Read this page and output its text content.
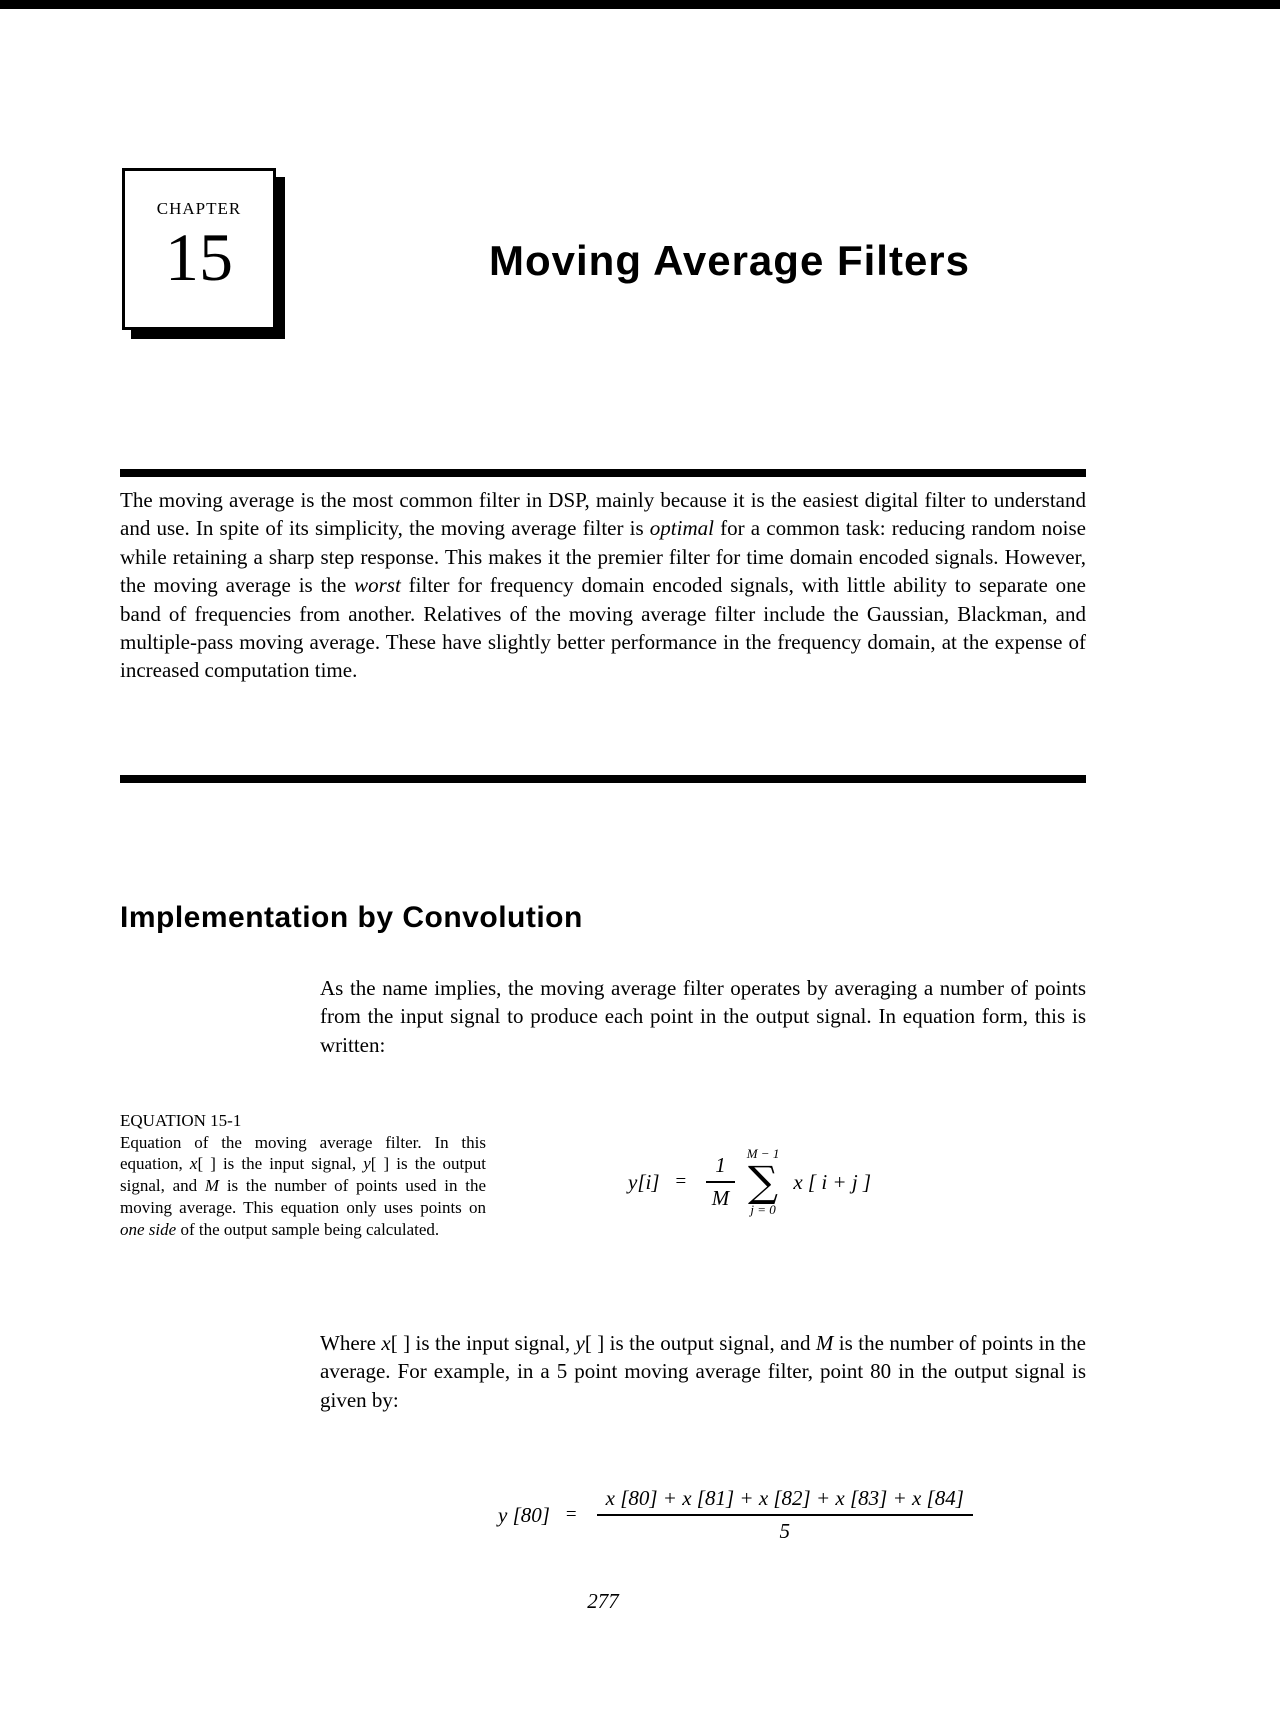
CHAPTER
15	Moving Average Filters

The moving average is the most common filter in DSP, mainly because it is the easiest digital filter to understand and use. In spite of its simplicity, the moving average filter is optimal for a common task: reducing random noise while retaining a sharp step response. This makes it the premier filter for time domain encoded signals. However, the moving average is the worst filter for frequency domain encoded signals, with little ability to separate one band of frequencies from another. Relatives of the moving average filter include the Gaussian, Blackman, and multiple-pass moving average. These have slightly better performance in the frequency domain, at the expense of increased computation time.

Implementation by Convolution

As the name implies, the moving average filter operates by averaging a number of points from the input signal to produce each point in the output signal. In equation form, this is written:

EQUATION 15-1
Equation of the moving average filter. In this equation, x[ ] is the input signal, y[ ] is the output signal, and M is the number of points used in the moving average. This equation only uses points on one side of the output sample being calculated.

$y[i] = \frac{1}{M}$ M − 1
∑
j = 0
x [ i + j ]

Where x[ ] is the input signal, y[ ] is the output signal, and M is the number of points in the average. For example, in a 5 point moving average filter, point 80 in the output signal is given by:

y $[80] = \frac{x [80] + x [81] + x [82] + x [83] + x [84]}{5}$

277
